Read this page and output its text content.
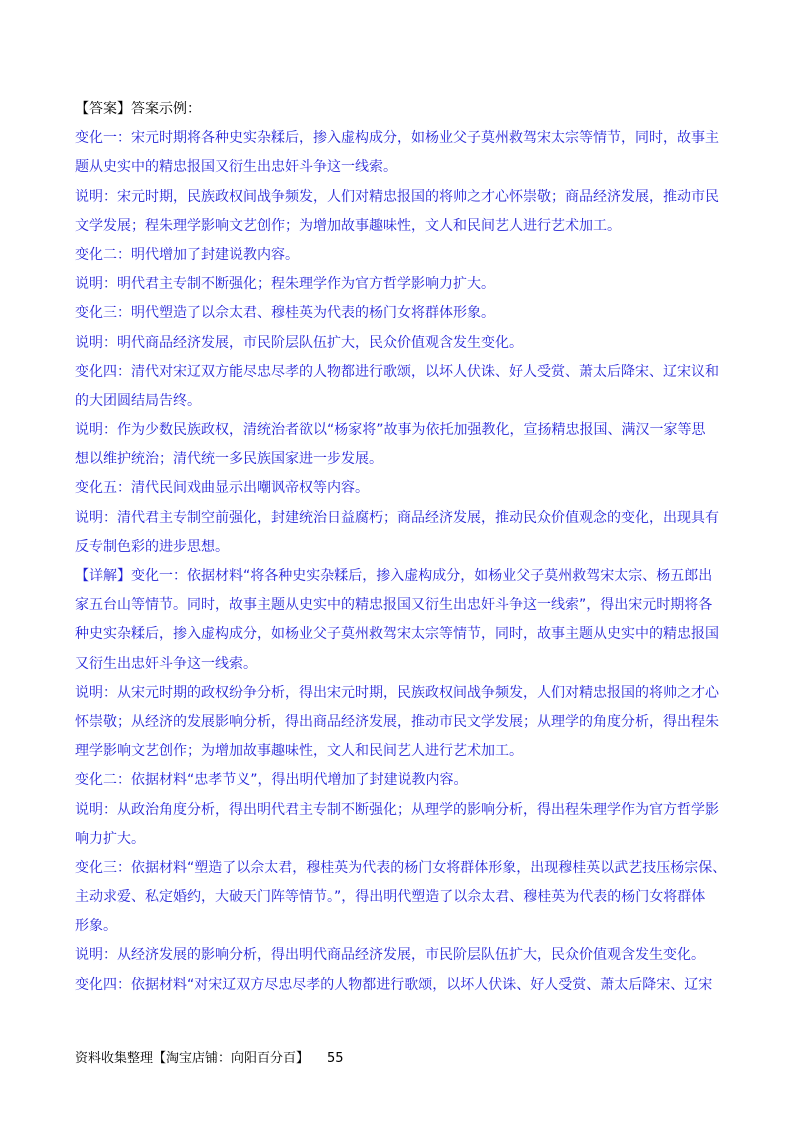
【答案】答案示例：
变化一：宋元时期将各种史实杂糅后，掺入虚构成分，如杨业父子莫州救驾宋太宗等情节，同时，故事主
题从史实中的精忠报国又衍生出忠奸斗争这一线索。
说明：宋元时期，民族政权间战争频发，人们对精忠报国的将帅之才心怀崇敬；商品经济发展，推动市民
文学发展；程朱理学影响文艺创作；为增加故事趣味性，文人和民间艺人进行艺术加工。
变化二：明代增加了封建说教内容。
说明：明代君主专制不断强化；程朱理学作为官方哲学影响力扩大。
变化三：明代塑造了以佘太君、穆桂英为代表的杨门女将群体形象。
说明：明代商品经济发展，市民阶层队伍扩大，民众价值观含发生变化。
变化四：清代对宋辽双方能尽忠尽孝的人物都进行歌颂，以坏人伏诛、好人受赏、萧太后降宋、辽宋议和
的大团圆结局告终。
说明：作为少数民族政权，清统治者欲以“杨家将”故事为依托加强教化，宣扬精忠报国、满汉一家等思
想以维护统治；清代统一多民族国家进一步发展。
变化五：清代民间戏曲显示出嘲讽帝权等内容。
说明：清代君主专制空前强化，封建统治日益腐朽；商品经济发展，推动民众价值观念的变化，出现具有
反专制色彩的进步思想。
【详解】变化一：依据材料“将各种史实杂糅后，掺入虚构成分，如杨业父子莫州救驾宋太宗、杨五郎出
家五台山等情节。同时，故事主题从史实中的精忠报国又衍生出忠奸斗争这一线索”，得出宋元时期将各
种史实杂糅后，掺入虚构成分，如杨业父子莫州救驾宋太宗等情节，同时，故事主题从史实中的精忠报国
又衍生出忠奸斗争这一线索。
说明：从宋元时期的政权纷争分析，得出宋元时期，民族政权间战争频发，人们对精忠报国的将帅之才心
怀崇敬；从经济的发展影响分析，得出商品经济发展，推动市民文学发展；从理学的角度分析，得出程朱
理学影响文艺创作；为增加故事趣味性，文人和民间艺人进行艺术加工。
变化二：依据材料“忠孝节义”，得出明代增加了封建说教内容。
说明：从政治角度分析，得出明代君主专制不断强化；从理学的影响分析，得出程朱理学作为官方哲学影
响力扩大。
变化三：依据材料“塑造了以佘太君，穆桂英为代表的杨门女将群体形象，出现穆桂英以武艺技压杨宗保、
主动求爱、私定婚约，大破天门阵等情节。”，得出明代塑造了以佘太君、穆桂英为代表的杨门女将群体
形象。
说明：从经济发展的影响分析，得出明代商品经济发展，市民阶层队伍扩大，民众价值观含发生变化。
变化四：依据材料“对宋辽双方尽忠尽孝的人物都进行歌颂，以坏人伏诛、好人受赏、萧太后降宋、辽宋
资料收集整理【淘宝店铺：向阳百分百】 55
